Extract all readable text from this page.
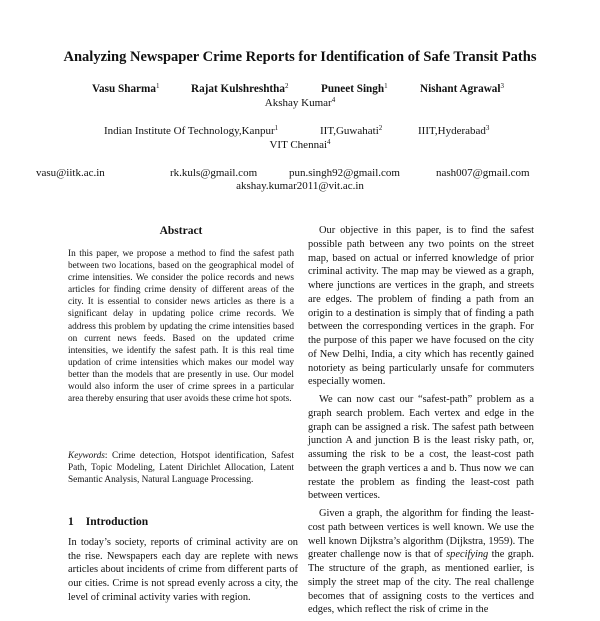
Analyzing Newspaper Crime Reports for Identification of Safe Transit Paths
Vasu Sharma$^1$	Rajat Kulshreshtha$^2$	Puneet Singh$^1$	Nishant Agrawal$^3$
Akshay Kumar$^4$
Indian Institute Of Technology,Kanpur$^1$	IIT,Guwahati$^2$	IIIT,Hyderabad$^3$
VIT Chennai$^4$
vasu@iitk.ac.in	rk.kuls@gmail.com	pun.singh92@gmail.com	nash007@gmail.com
akshay.kumar2011@vit.ac.in
Abstract
In this paper, we propose a method to find the safest path between two locations, based on the geographical model of crime intensities. We consider the police records and news articles for finding crime density of different areas of the city. It is essential to consider news articles as there is a significant delay in updating police crime records. We address this problem by updating the crime intensities based on current news feeds. Based on the updated crime intensities, we identify the safest path. It is this real time updation of crime intensities which makes our model way better than the models that are presently in use. Our model would also inform the user of crime sprees in a particular area thereby ensuring that user avoids these crime hot spots.
Keywords: Crime detection, Hotspot identification, Safest Path, Topic Modeling, Latent Dirichlet Allocation, Latent Semantic Analysis, Natural Language Processing.
1 Introduction
In today’s society, reports of criminal activity are on the rise. Newspapers each day are replete with news articles about incidents of crime from different parts of our cities. Crime is not spread evenly across a city, the level of criminal activity varies with region.

Our objective in this paper, is to find the safest possible path between any two points on the street map, based on actual or inferred knowledge of prior criminal activity. The map may be viewed as a graph, where junctions are vertices in the graph, and streets are edges. The problem of finding a path from an origin to a destination is simply that of finding a path between the corresponding vertices in the graph. For the purpose of this paper we have focused on the city of New Delhi, India, a city which has recently gained notoriety as being particularly unsafe for commuters especially women.

We can now cast our “safest-path” problem as a graph search problem. Each vertex and edge in the graph can be assigned a risk. The safest path between junction A and junction B is the least risky path, or, assuming the risk to be a cost, the least-cost path between the graph vertices a and b. Thus now we can restate the problem as finding the least-cost path between vertices.

Given a graph, the algorithm for finding the least-cost path between vertices is well known. We use the well known Dijkstra’s algorithm (Dijkstra, 1959). The greater challenge now is that of specifying the graph. The structure of the graph, as mentioned earlier, is simply the street map of the city. The real challenge becomes that of assigning costs to the vertices and edges, which reflect the risk of crime in the
